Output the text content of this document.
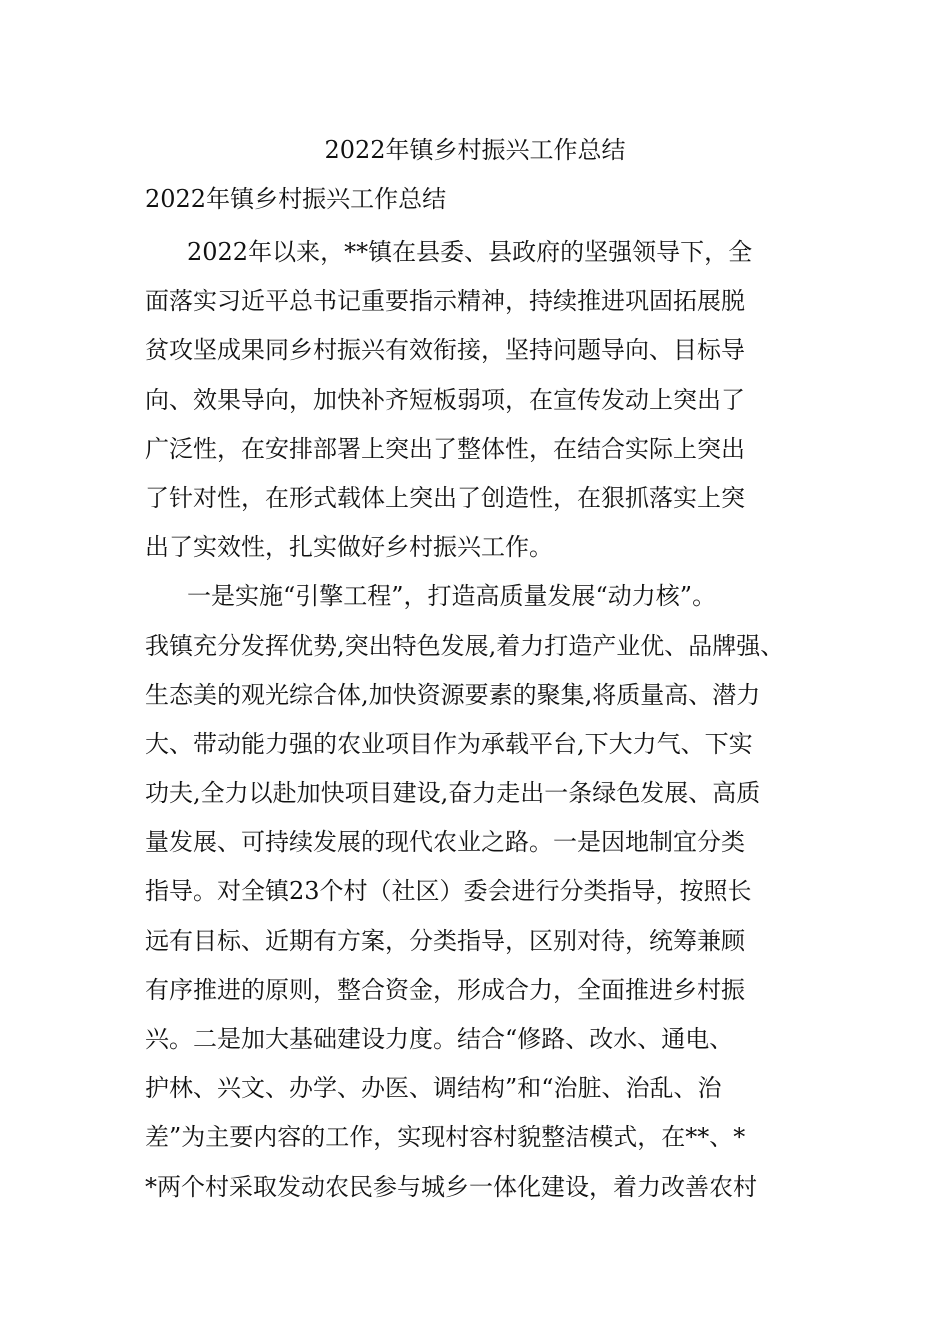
2022年镇乡村振兴工作总结
2022年镇乡村振兴工作总结

2022年以来，**镇在县委、县政府的坚强领导下，全
面落实习近平总书记重要指示精神，持续推进巩固拓展脱
贫攻坚成果同乡村振兴有效衔接，坚持问题导向、目标导
向、效果导向，加快补齐短板弱项，在宣传发动上突出了
广泛性，在安排部署上突出了整体性，在结合实际上突出
了针对性，在形式载体上突出了创造性，在狠抓落实上突
出了实效性，扎实做好乡村振兴工作。

一是实施“引擎工程”，打造高质量发展“动力核”。
我镇充分发挥优势,突出特色发展,着力打造产业优、品牌强、
生态美的观光综合体,加快资源要素的聚集,将质量高、潜力
大、带动能力强的农业项目作为承载平台,下大力气、下实
功夫,全力以赴加快项目建设,奋力走出一条绿色发展、高质
量发展、可持续发展的现代农业之路。一是因地制宜分类
指导。对全镇23个村（社区）委会进行分类指导，按照长
远有目标、近期有方案，分类指导，区别对待，统筹兼顾
有序推进的原则，整合资金，形成合力，全面推进乡村振
兴。二是加大基础建设力度。结合“修路、改水、通电、
护林、兴文、办学、办医、调结构”和“治脏、治乱、治
差”为主要内容的工作，实现村容村貌整洁模式，在**、*
*两个村采取发动农民参与城乡一体化建设，着力改善农村
